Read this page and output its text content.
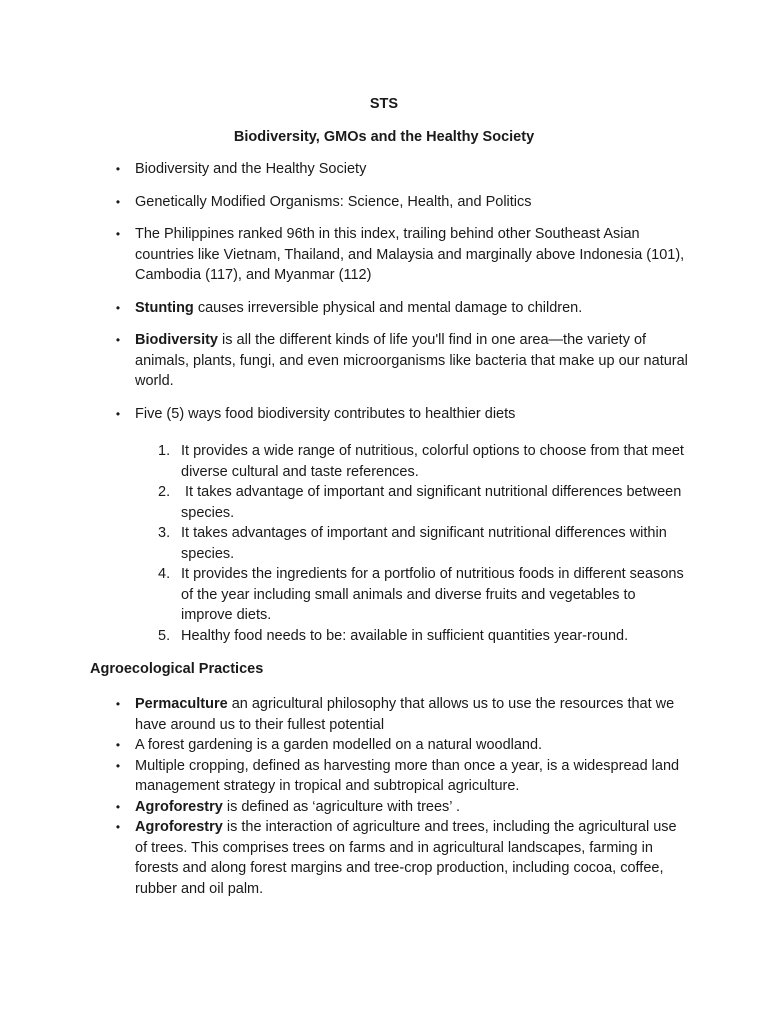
STS
Biodiversity, GMOs and the Healthy Society
• Biodiversity and the Healthy Society
• Genetically Modified Organisms: Science, Health, and Politics
• The Philippines ranked 96th in this index, trailing behind other Southeast Asian countries like Vietnam, Thailand, and Malaysia and marginally above Indonesia (101), Cambodia (117), and Myanmar (112)
• Stunting causes irreversible physical and mental damage to children.
• Biodiversity is all the different kinds of life you'll find in one area—the variety of animals, plants, fungi, and even microorganisms like bacteria that make up our natural world.
• Five (5) ways food biodiversity contributes to healthier diets
1. It provides a wide range of nutritious, colorful options to choose from that meet diverse cultural and taste references.
2. It takes advantage of important and significant nutritional differences between species.
3. It takes advantages of important and significant nutritional differences within species.
4. It provides the ingredients for a portfolio of nutritious foods in different seasons of the year including small animals and diverse fruits and vegetables to improve diets.
5. Healthy food needs to be: available in sufficient quantities year-round.
Agroecological Practices
• Permaculture an agricultural philosophy that allows us to use the resources that we have around us to their fullest potential
• A forest gardening is a garden modelled on a natural woodland.
• Multiple cropping, defined as harvesting more than once a year, is a widespread land management strategy in tropical and subtropical agriculture.
• Agroforestry is defined as ‘agriculture with trees’ .
• Agroforestry is the interaction of agriculture and trees, including the agricultural use of trees. This comprises trees on farms and in agricultural landscapes, farming in forests and along forest margins and tree-crop production, including cocoa, coffee, rubber and oil palm.
